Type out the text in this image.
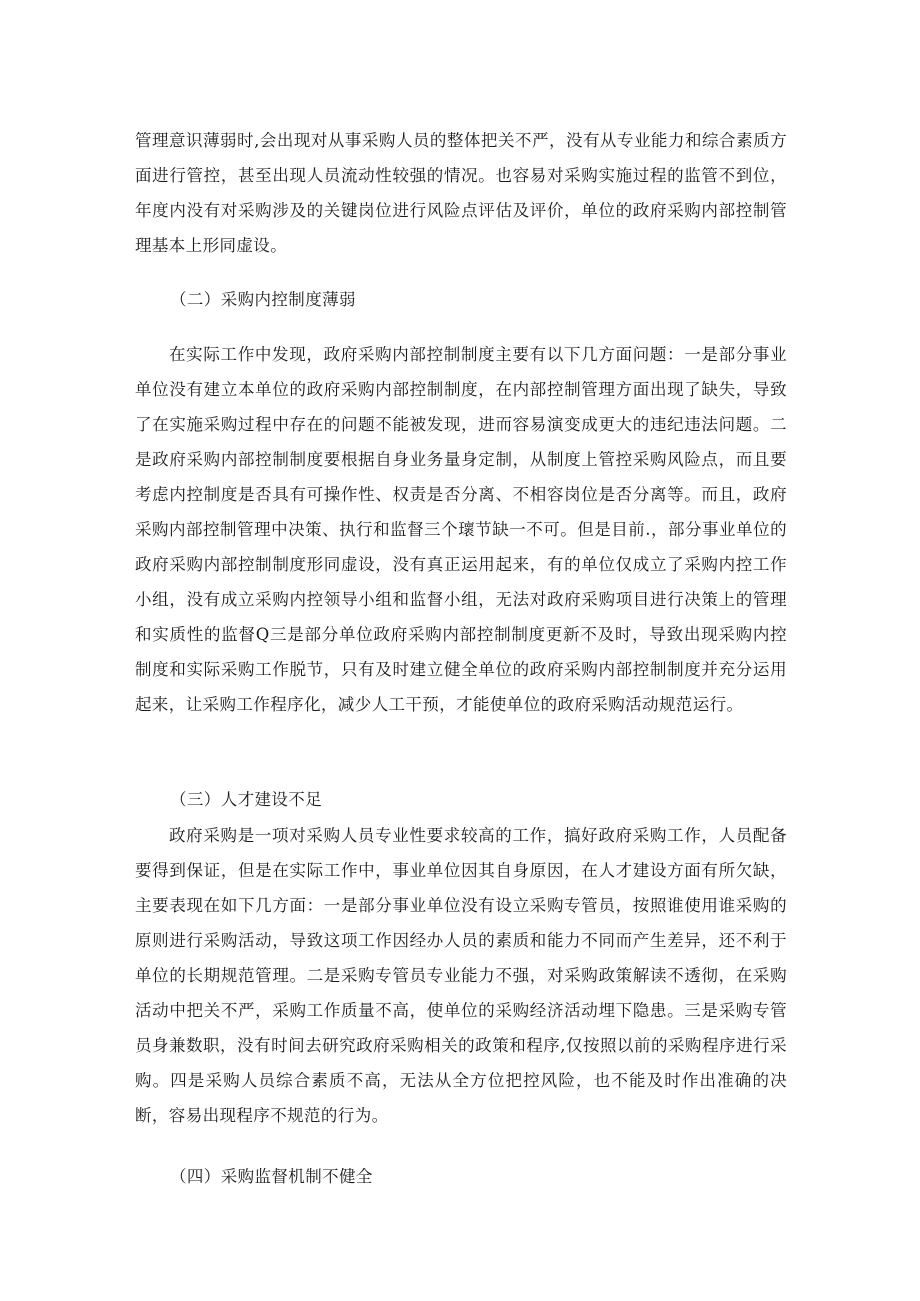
管理意识薄弱时,会出现对从事采购人员的整体把关不严，没有从专业能力和综合素质方面进行管控，甚至出现人员流动性较强的情况。也容易对采购实施过程的监管不到位，年度内没有对采购涉及的关键岗位进行风险点评估及评价，单位的政府采购内部控制管理基本上形同虚设。

（二）采购内控制度薄弱

在实际工作中发现，政府采购内部控制制度主要有以下几方面问题：一是部分事业单位没有建立本单位的政府采购内部控制制度，在内部控制管理方面出现了缺失，导致了在实施采购过程中存在的问题不能被发现，进而容易演变成更大的违纪违法问题。二是政府采购内部控制制度要根据自身业务量身定制，从制度上管控采购风险点，而且要考虑内控制度是否具有可操作性、权责是否分离、不相容岗位是否分离等。而且，政府采购内部控制管理中决策、执行和监督三个瓌节缺一不可。但是目前.，部分事业单位的政府采购内部控制制度形同虚设，没有真正运用起来，有的单位仅成立了采购内控工作小组，没有成立采购内控领导小组和监督小组，无法对政府采购项目进行决策上的管理和实质性的监督Q三是部分单位政府采购内部控制制度更新不及时，导致出现采购内控制度和实际采购工作脱节，只有及时建立健全单位的政府采购内部控制制度并充分运用起来，让采购工作程序化，减少人工干预，才能使单位的政府采购活动规范运行。

（三）人才建设不足

政府采购是一项对采购人员专业性要求较高的工作，搞好政府采购工作，人员配备要得到保证，但是在实际工作中，事业单位因其自身原因，在人才建设方面有所欠缺，主要表现在如下几方面：一是部分事业单位没有设立采购专管员，按照谁使用谁采购的原则进行采购活动，导致这项工作因经办人员的素质和能力不同而产生差异，还不利于单位的长期规范管理。二是采购专管员专业能力不强，对采购政策解读不透彻，在采购活动中把关不严，采购工作质量不高，使单位的采购经济活动埋下隐患。三是采购专管员身兼数职，没有时间去研究政府采购相关的政策和程序,仅按照以前的采购程序进行采购。四是采购人员综合素质不高，无法从全方位把控风险，也不能及时作出准确的决断，容易出现程序不规范的行为。

（四）采购监督机制不健全
